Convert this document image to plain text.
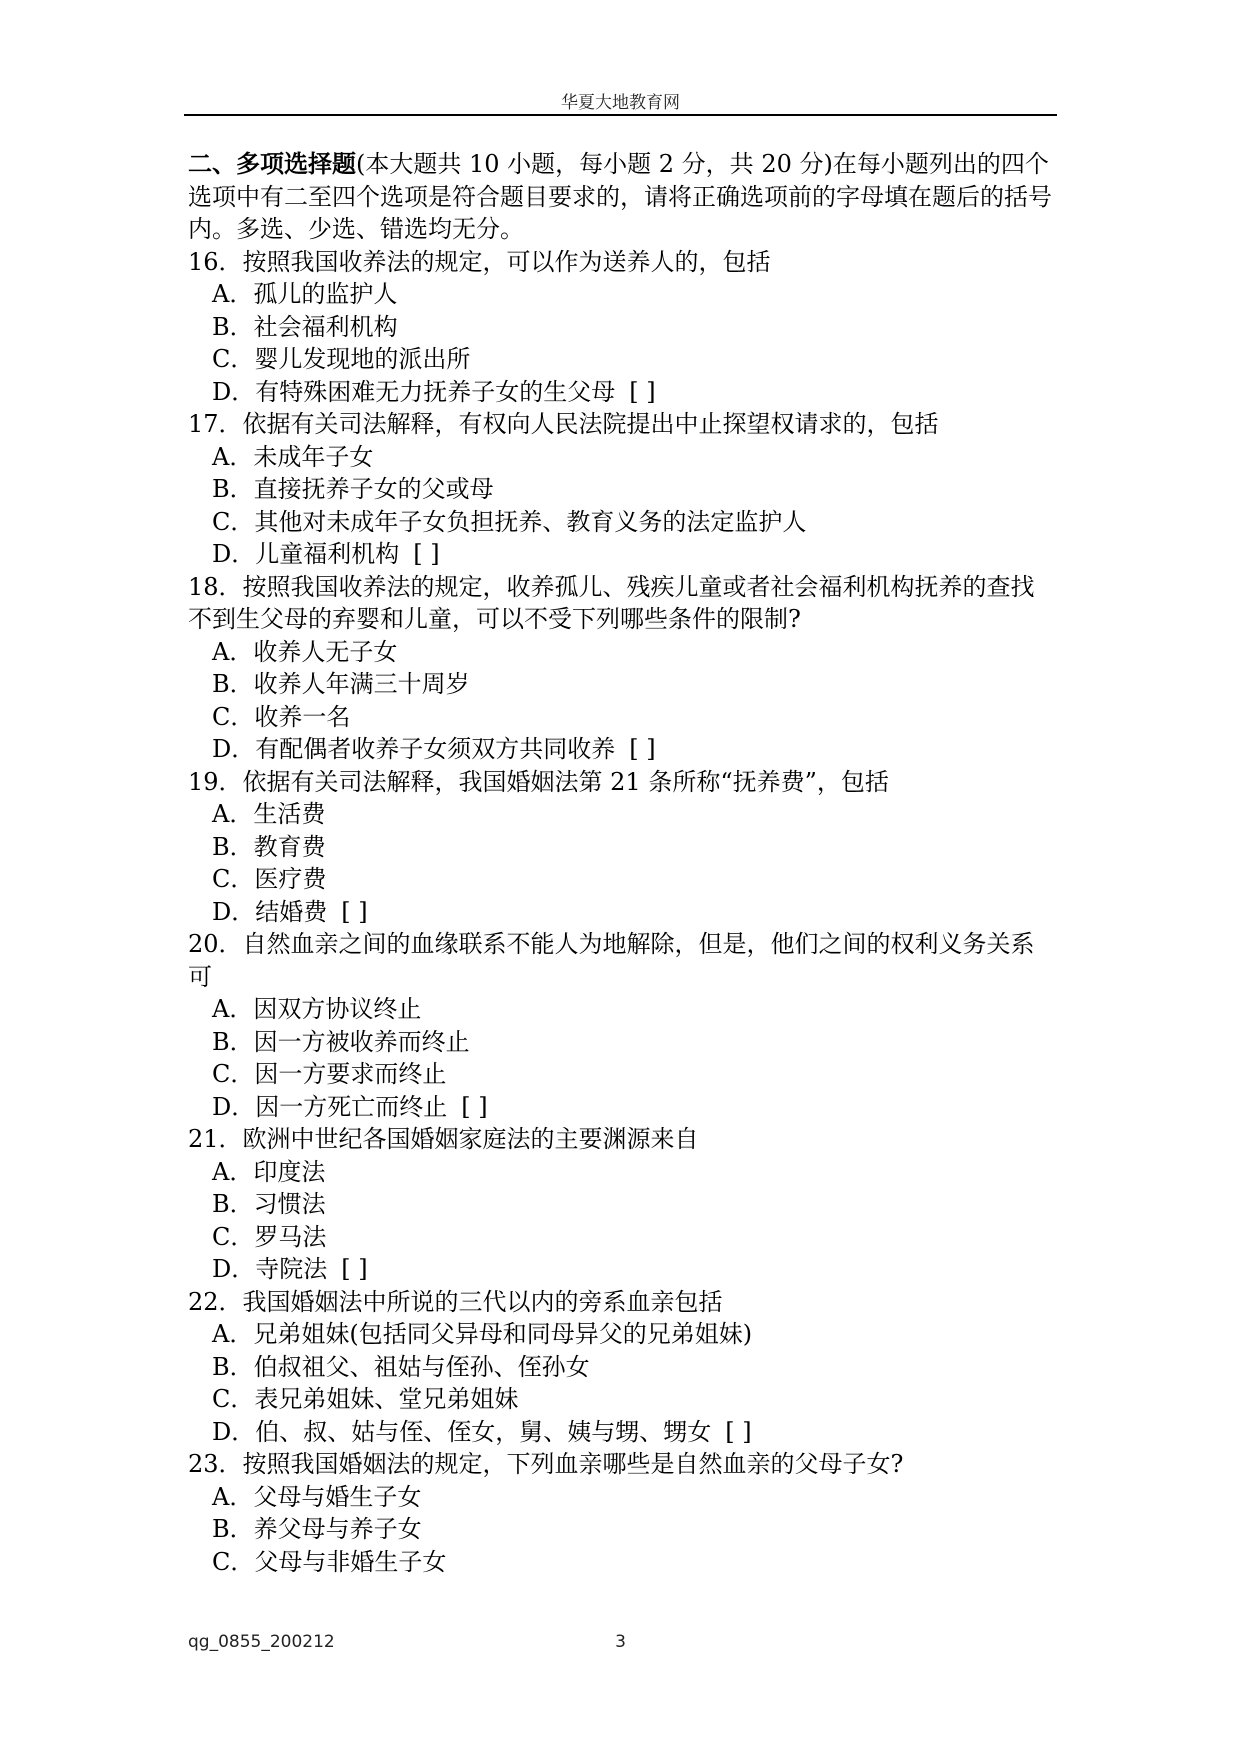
华夏大地教育网

二、多项选择题(本大题共 10 小题，每小题 2 分，共 20 分)在每小题列出的四个选项中有二至四个选项是符合题目要求的，请将正确选项前的字母填在题后的括号内。多选、少选、错选均无分。

16．按照我国收养法的规定，可以作为送养人的，包括

A．孤儿的监护人

B．社会福利机构

C．婴儿发现地的派出所

D．有特殊困难无力抚养子女的生父母 [ ]

17．依据有关司法解释，有权向人民法院提出中止探望权请求的，包括

A．未成年子女

B．直接抚养子女的父或母

C．其他对未成年子女负担抚养、教育义务的法定监护人

D．儿童福利机构 [ ]

18．按照我国收养法的规定，收养孤儿、残疾儿童或者社会福利机构抚养的查找不到生父母的弃婴和儿童，可以不受下列哪些条件的限制?

A．收养人无子女

B．收养人年满三十周岁

C．收养一名

D．有配偶者收养子女须双方共同收养 [ ]

19．依据有关司法解释，我国婚姻法第 21 条所称“抚养费”，包括

A．生活费

B．教育费

C．医疗费

D．结婚费 [ ]

20．自然血亲之间的血缘联系不能人为地解除，但是，他们之间的权利义务关系可

A．因双方协议终止

B．因一方被收养而终止

C．因一方要求而终止

D．因一方死亡而终止 [ ]

21．欧洲中世纪各国婚姻家庭法的主要渊源来自

A．印度法

B．习惯法

C．罗马法

D．寺院法 [ ]

22．我国婚姻法中所说的三代以内的旁系血亲包括

A．兄弟姐妹(包括同父异母和同母异父的兄弟姐妹)

B．伯叔祖父、祖姑与侄孙、侄孙女

C．表兄弟姐妹、堂兄弟姐妹

D．伯、叔、姑与侄、侄女，舅、姨与甥、甥女 [ ]

23．按照我国婚姻法的规定，下列血亲哪些是自然血亲的父母子女?

A．父母与婚生子女

B．养父母与养子女

C．父母与非婚生子女

qg_0855_200212	3
